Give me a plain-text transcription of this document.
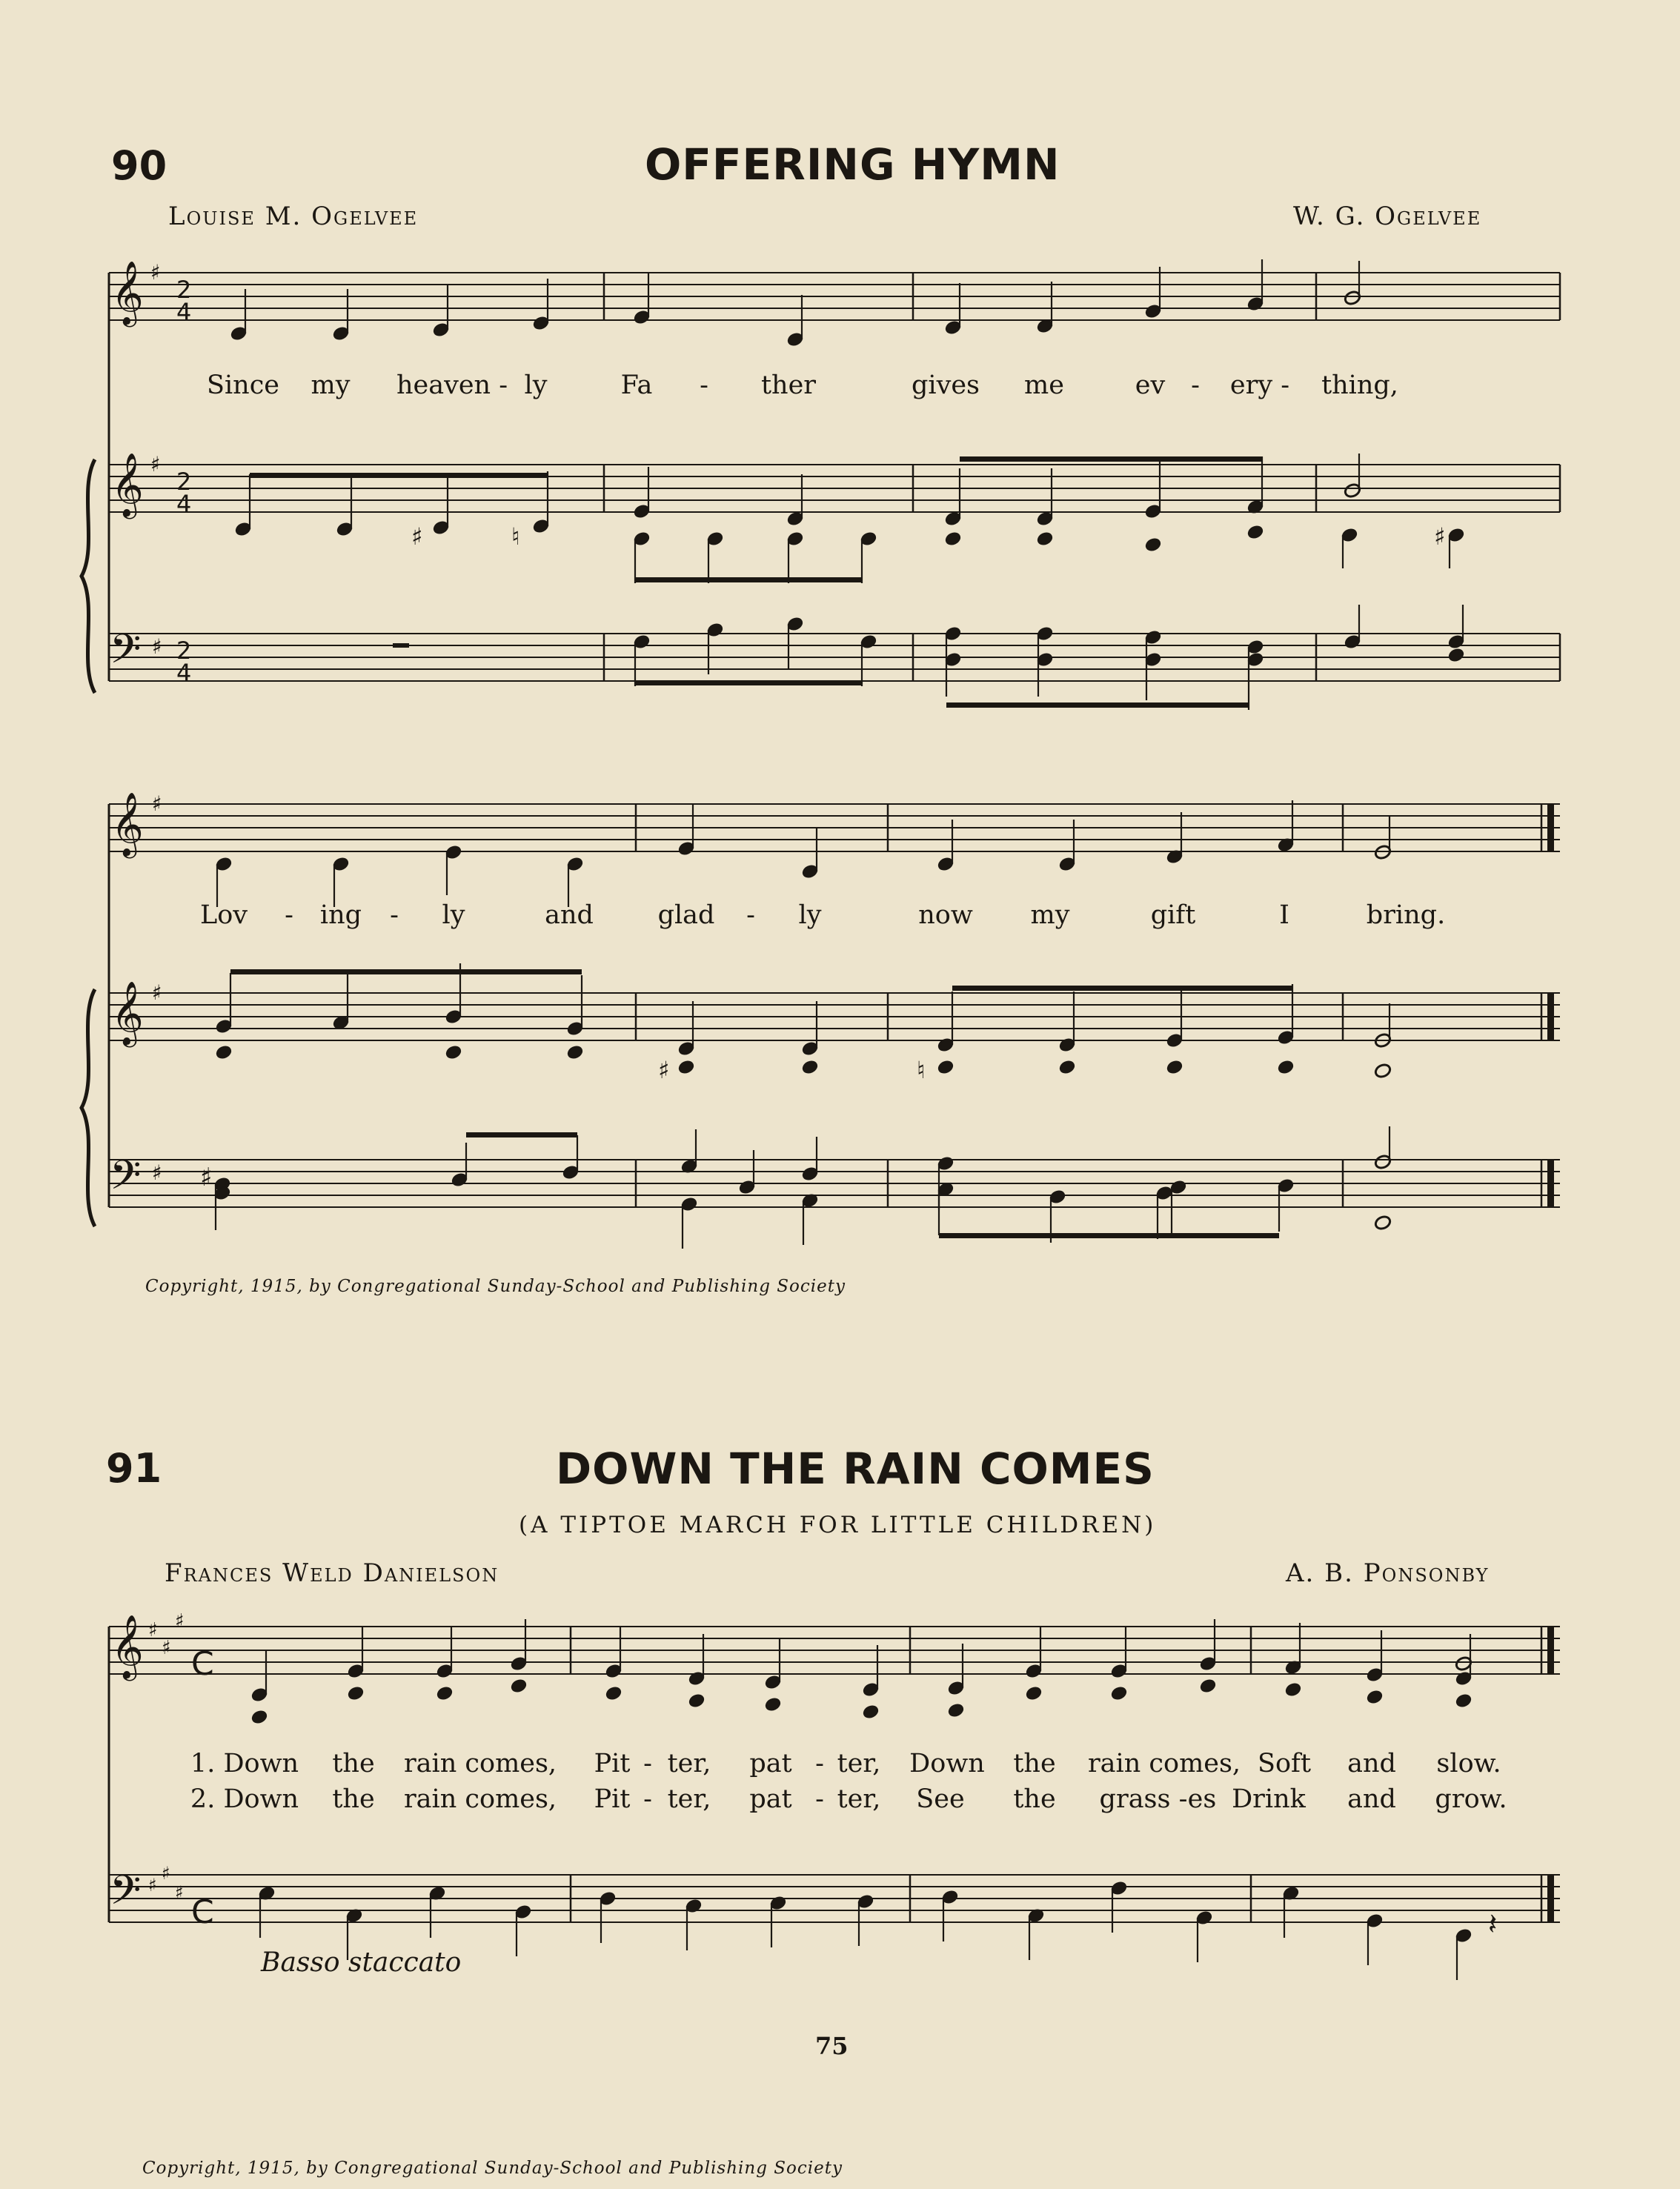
90	OFFERING HYMN
Louise M. Ogelvee	W. G. Ogelvee
Since my heaven - ly	Fa - ther	gives me	ev - ery - thing,
Lov - ing - ly	and glad - ly	now my	gift	I	bring.
Copyright, 1915, by Congregational Sunday-School and Publishing Society
91	DOWN THE RAIN COMES
(A TIPTOE MARCH FOR LITTLE CHILDREN)
Frances Weld Danielson	A. B. Ponsonby
1. Down the rain comes, Pit - ter, pat - ter, Down the rain comes, Soft and slow.
2. Down the rain comes, Pit - ter, pat - ter, See the grass - es Drink and grow.
Basso staccato
Copyright, 1915, by Congregational Sunday-School and Publishing Society
75
𝄞 ♯
2
4
𝄞 ♯
2
4
♯	♮	♯
𝄢 ♯ 2
4
𝄞 ♯
𝄞 ♯
♯	♮
𝄢 ♯ ♯
𝄞 ♯
♯
♯
C
𝄢 ♯
♯
♯
C	𝄽
